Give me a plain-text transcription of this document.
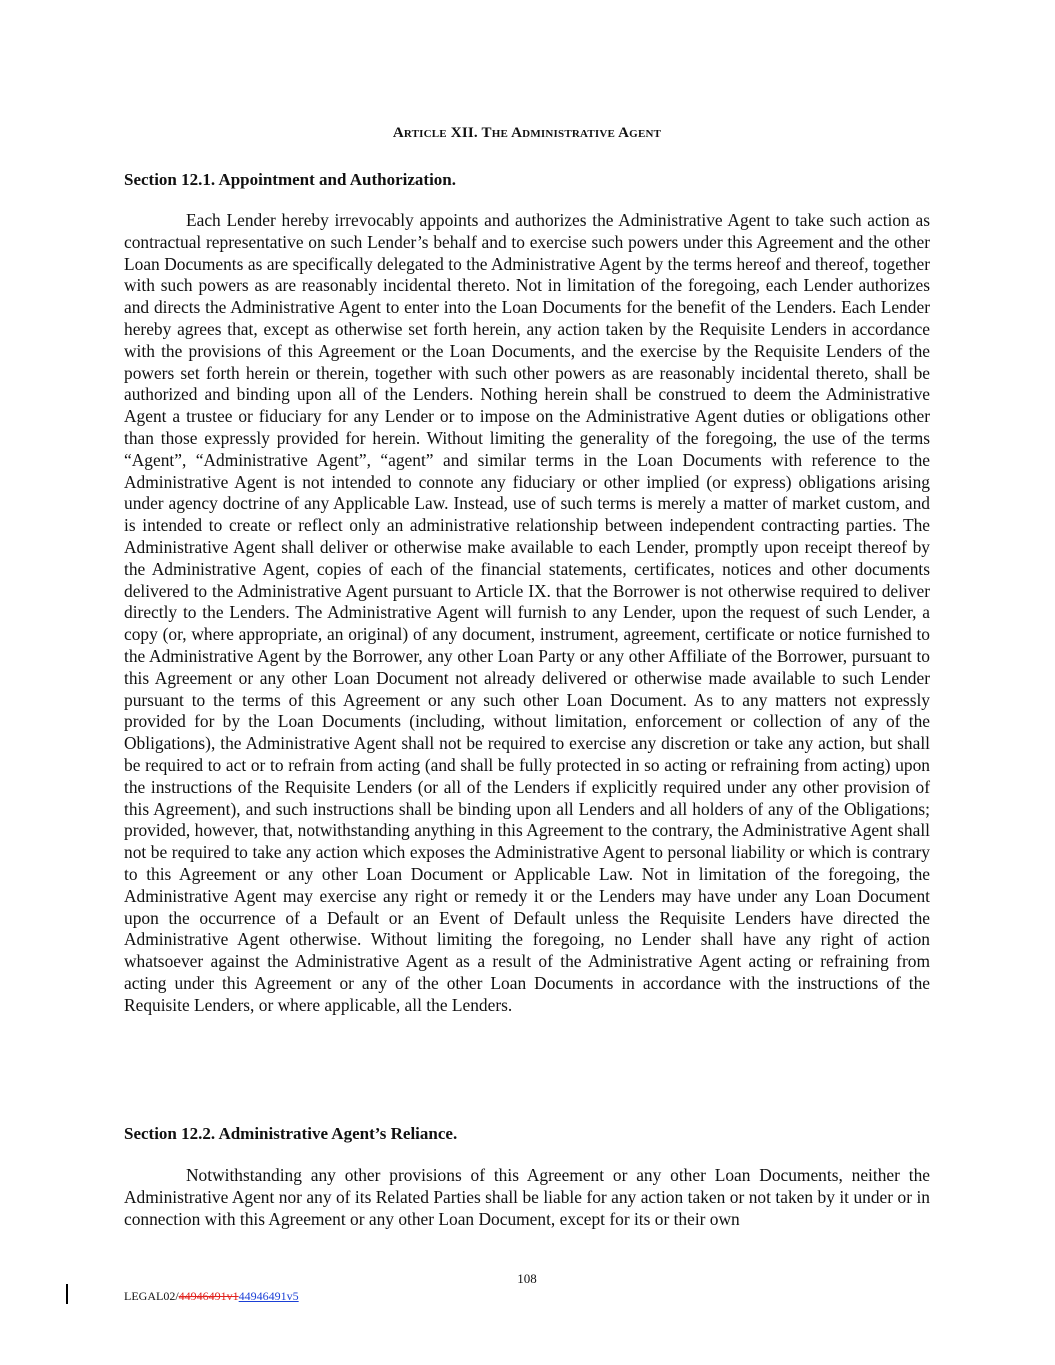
Article XII. The Administrative Agent
Section 12.1. Appointment and Authorization.

Each Lender hereby irrevocably appoints and authorizes the Administrative Agent to take such action as contractual representative on such Lender’s behalf and to exercise such powers under this Agreement and the other Loan Documents as are specifically delegated to the Administrative Agent by the terms hereof and thereof, together with such powers as are reasonably incidental thereto. Not in limitation of the foregoing, each Lender authorizes and directs the Administrative Agent to enter into the Loan Documents for the benefit of the Lenders. Each Lender hereby agrees that, except as otherwise set forth herein, any action taken by the Requisite Lenders in accordance with the provisions of this Agreement or the Loan Documents, and the exercise by the Requisite Lenders of the powers set forth herein or therein, together with such other powers as are reasonably incidental thereto, shall be authorized and binding upon all of the Lenders. Nothing herein shall be construed to deem the Administrative Agent a trustee or fiduciary for any Lender or to impose on the Administrative Agent duties or obligations other than those expressly provided for herein. Without limiting the generality of the foregoing, the use of the terms “Agent”, “Administrative Agent”, “agent” and similar terms in the Loan Documents with reference to the Administrative Agent is not intended to connote any fiduciary or other implied (or express) obligations arising under agency doctrine of any Applicable Law. Instead, use of such terms is merely a matter of market custom, and is intended to create or reflect only an administrative relationship between independent contracting parties. The Administrative Agent shall deliver or otherwise make available to each Lender, promptly upon receipt thereof by the Administrative Agent, copies of each of the financial statements, certificates, notices and other documents delivered to the Administrative Agent pursuant to Article IX. that the Borrower is not otherwise required to deliver directly to the Lenders. The Administrative Agent will furnish to any Lender, upon the request of such Lender, a copy (or, where appropriate, an original) of any document, instrument, agreement, certificate or notice furnished to the Administrative Agent by the Borrower, any other Loan Party or any other Affiliate of the Borrower, pursuant to this Agreement or any other Loan Document not already delivered or otherwise made available to such Lender pursuant to the terms of this Agreement or any such other Loan Document. As to any matters not expressly provided for by the Loan Documents (including, without limitation, enforcement or collection of any of the Obligations), the Administrative Agent shall not be required to exercise any discretion or take any action, but shall be required to act or to refrain from acting (and shall be fully protected in so acting or refraining from acting) upon the instructions of the Requisite Lenders (or all of the Lenders if explicitly required under any other provision of this Agreement), and such instructions shall be binding upon all Lenders and all holders of any of the Obligations; provided, however, that, notwithstanding anything in this Agreement to the contrary, the Administrative Agent shall not be required to take any action which exposes the Administrative Agent to personal liability or which is contrary to this Agreement or any other Loan Document or Applicable Law. Not in limitation of the foregoing, the Administrative Agent may exercise any right or remedy it or the Lenders may have under any Loan Document upon the occurrence of a Default or an Event of Default unless the Requisite Lenders have directed the Administrative Agent otherwise. Without limiting the foregoing, no Lender shall have any right of action whatsoever against the Administrative Agent as a result of the Administrative Agent acting or refraining from acting under this Agreement or any of the other Loan Documents in accordance with the instructions of the Requisite Lenders, or where applicable, all the Lenders.

Section 12.2. Administrative Agent’s Reliance.

Notwithstanding any other provisions of this Agreement or any other Loan Documents, neither the Administrative Agent nor any of its Related Parties shall be liable for any action taken or not taken by it under or in connection with this Agreement or any other Loan Document, except for its or their own

108
LEGAL02/44946491v144946491v5
